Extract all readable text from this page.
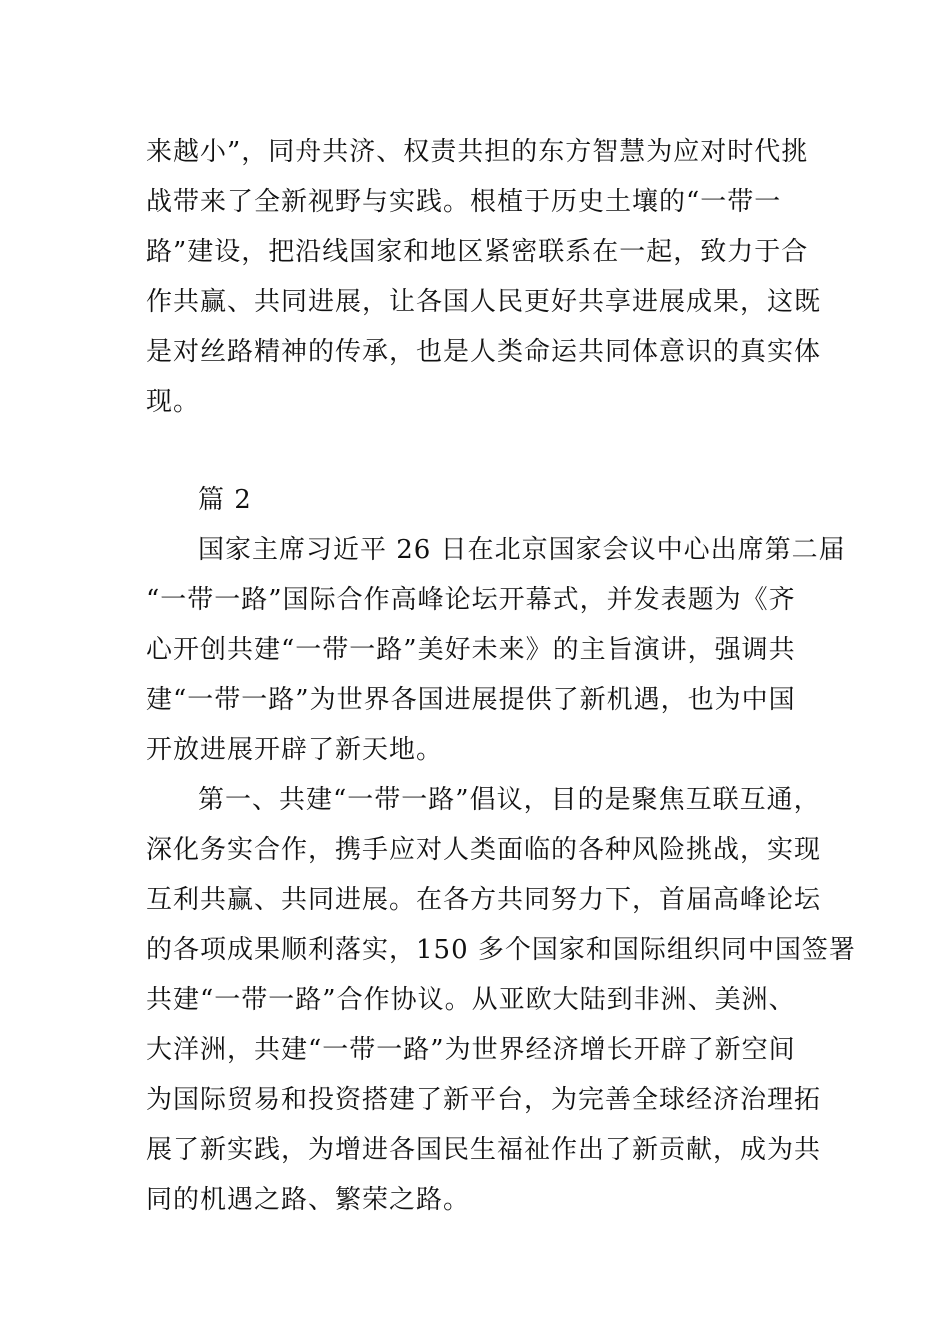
来越小”，同舟共济、权责共担的东方智慧为应对时代挑
战带来了全新视野与实践。根植于历史土壤的“一带一
路”建设，把沿线国家和地区紧密联系在一起，致力于合
作共赢、共同进展，让各国人民更好共享进展成果，这既
是对丝路精神的传承，也是人类命运共同体意识的真实体
现。
篇 2
国家主席习近平 26 日在北京国家会议中心出席第二届
“一带一路”国际合作高峰论坛开幕式，并发表题为《齐
心开创共建“一带一路”美好未来》的主旨演讲，强调共
建“一带一路”为世界各国进展提供了新机遇，也为中国
开放进展开辟了新天地。
第一、共建“一带一路”倡议，目的是聚焦互联互通，
深化务实合作，携手应对人类面临的各种风险挑战，实现
互利共赢、共同进展。在各方共同努力下，首届高峰论坛
的各项成果顺利落实，150 多个国家和国际组织同中国签署
共建“一带一路”合作协议。从亚欧大陆到非洲、美洲、
大洋洲，共建“一带一路”为世界经济增长开辟了新空间
为国际贸易和投资搭建了新平台，为完善全球经济治理拓
展了新实践，为增进各国民生福祉作出了新贡献，成为共
同的机遇之路、繁荣之路。
